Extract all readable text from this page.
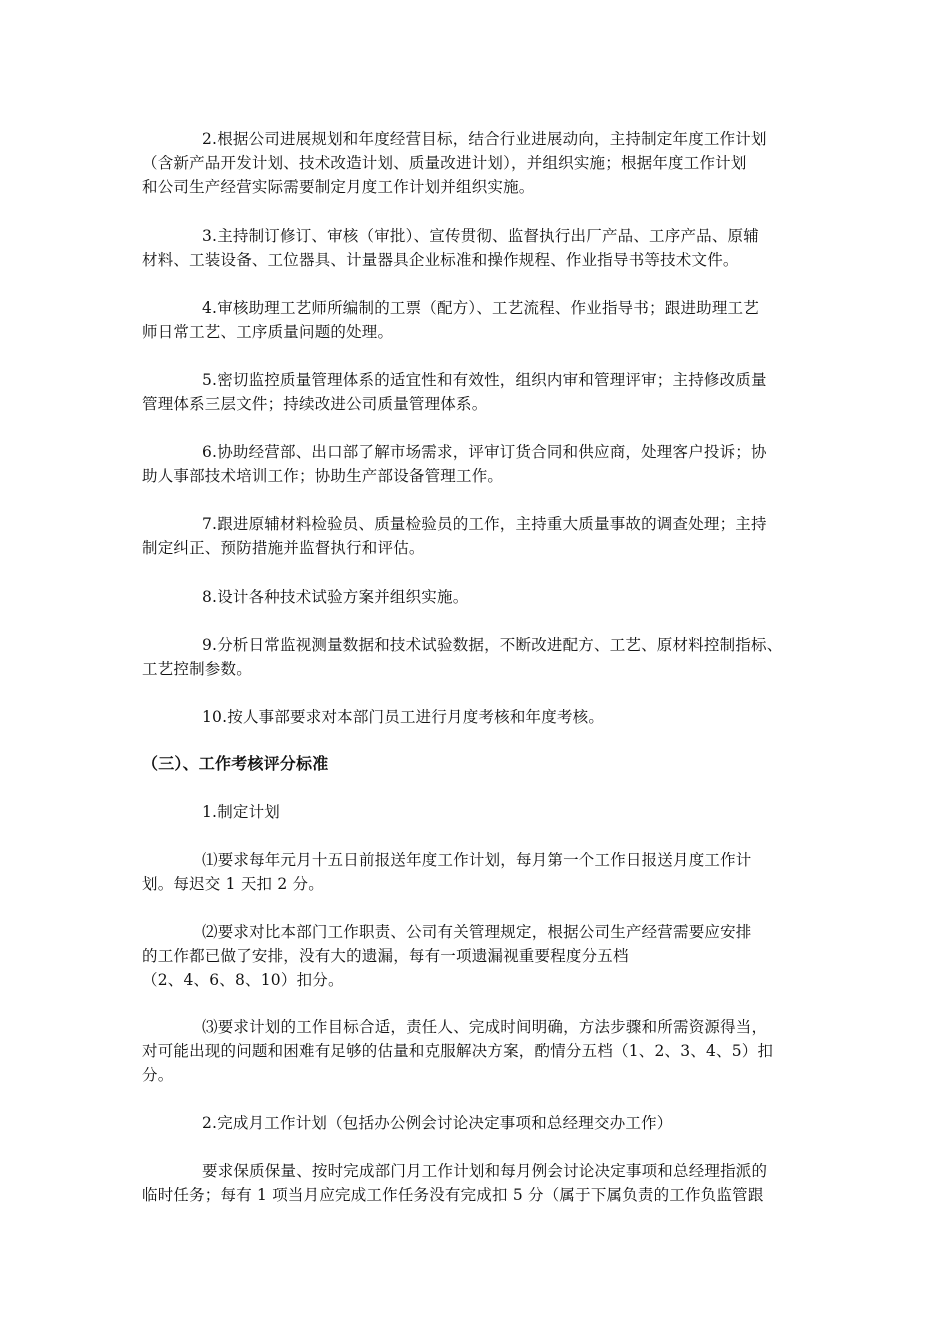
2.根据公司进展规划和年度经营目标，结合行业进展动向，主持制定年度工作计划
（含新产品开发计划、技术改造计划、质量改进计划），并组织实施；根据年度工作计划
和公司生产经营实际需要制定月度工作计划并组织实施。

3.主持制订修订、审核（审批）、宣传贯彻、监督执行出厂产品、工序产品、原辅
材料、工装设备、工位器具、计量器具企业标准和操作规程、作业指导书等技术文件。

4.审核助理工艺师所编制的工票（配方）、工艺流程、作业指导书；跟进助理工艺
师日常工艺、工序质量问题的处理。

5.密切监控质量管理体系的适宜性和有效性，组织内审和管理评审；主持修改质量
管理体系三层文件；持续改进公司质量管理体系。

6.协助经营部、出口部了解市场需求，评审订货合同和供应商，处理客户投诉；协
助人事部技术培训工作；协助生产部设备管理工作。

7.跟进原辅材料检验员、质量检验员的工作，主持重大质量事故的调查处理；主持
制定纠正、预防措施并监督执行和评估。

8.设计各种技术试验方案并组织实施。

9.分析日常监视测量数据和技术试验数据，不断改进配方、工艺、原材料控制指标、
工艺控制参数。

10.按人事部要求对本部门员工进行月度考核和年度考核。

（三）、工作考核评分标准

1.制定计划

⑴要求每年元月十五日前报送年度工作计划，每月第一个工作日报送月度工作计
划。每迟交 1 天扣 2 分。

⑵要求对比本部门工作职责、公司有关管理规定，根据公司生产经营需要应安排
的工作都已做了安排，没有大的遗漏，每有一项遗漏视重要程度分五档
（2、4、6、8、10）扣分。

⑶要求计划的工作目标合适，责任人、完成时间明确，方法步骤和所需资源得当，
对可能出现的问题和困难有足够的估量和克服解决方案，酌情分五档（1、2、3、4、5）扣
分。

2.完成月工作计划（包括办公例会讨论决定事项和总经理交办工作）

要求保质保量、按时完成部门月工作计划和每月例会讨论决定事项和总经理指派的
临时任务；每有 1 项当月应完成工作任务没有完成扣 5 分（属于下属负责的工作负监管跟
